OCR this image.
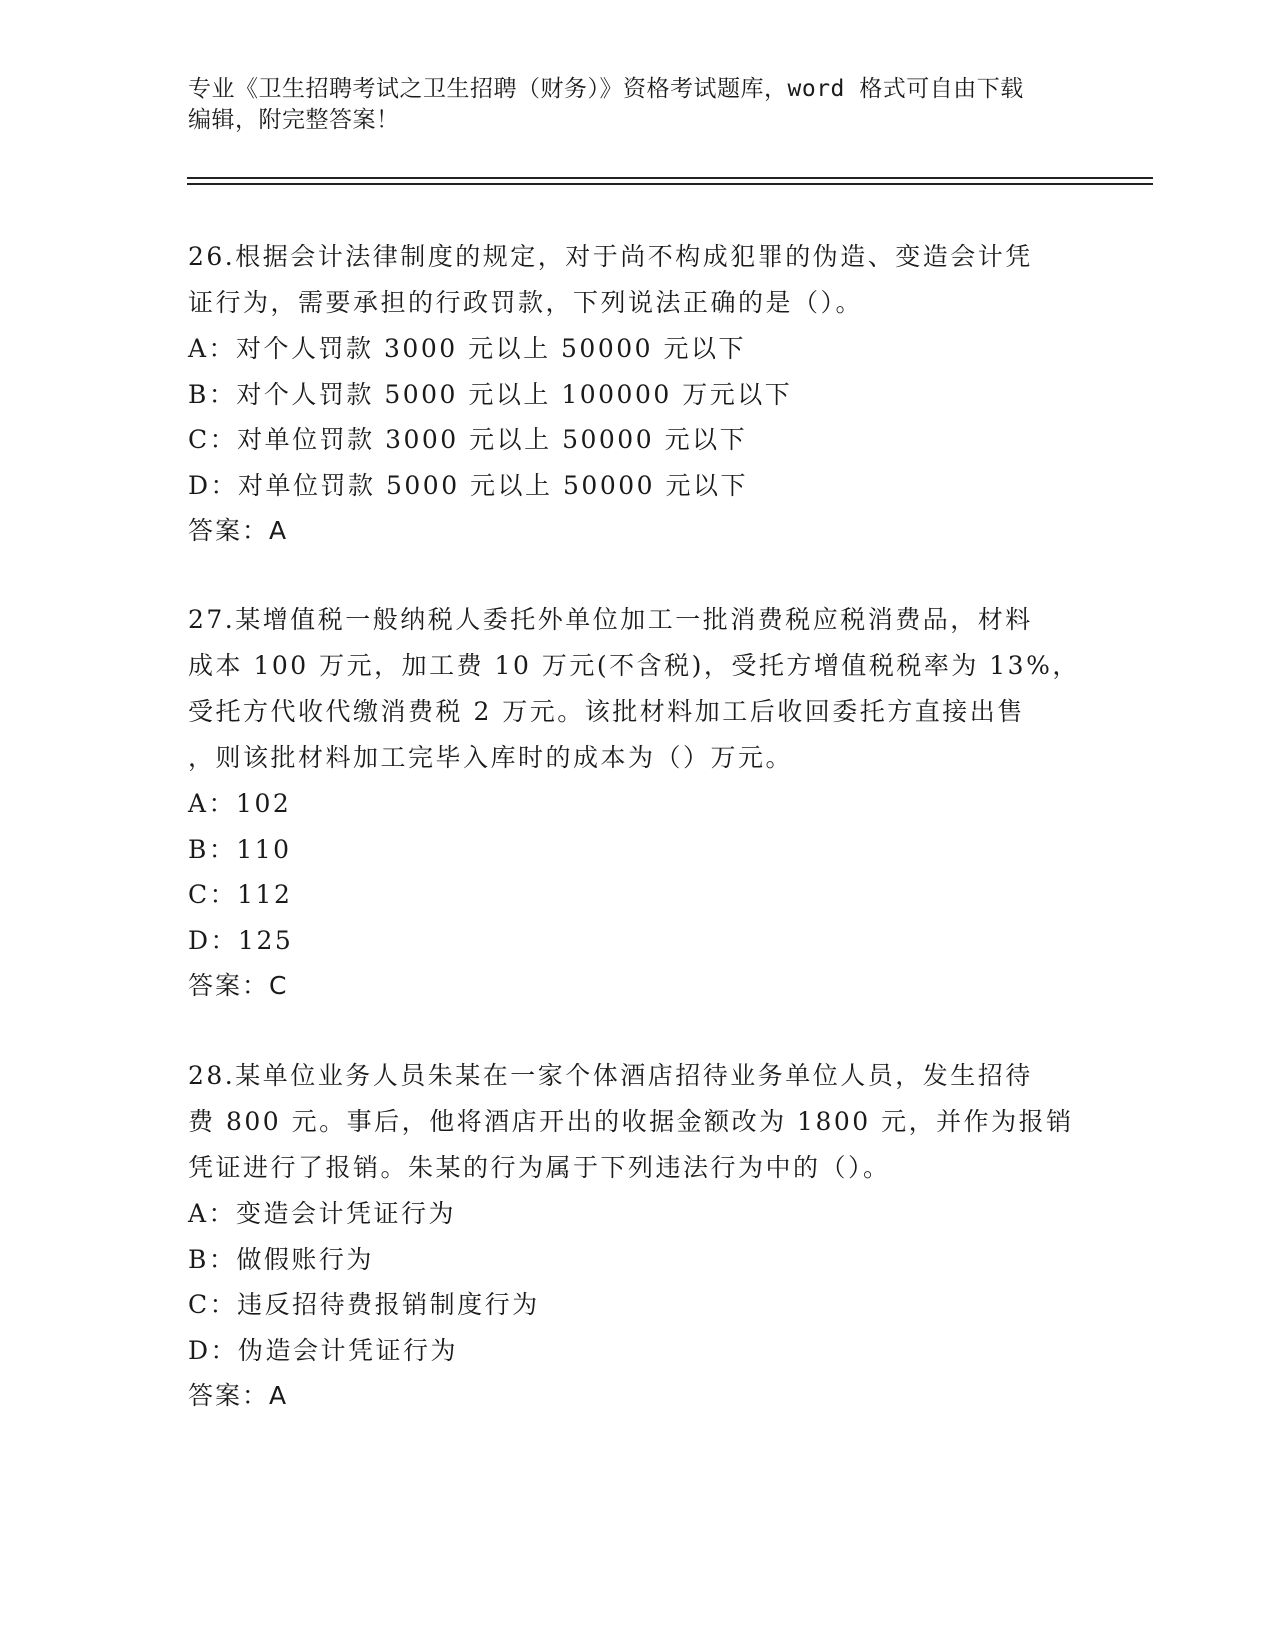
专业《卫生招聘考试之卫生招聘（财务）》资格考试题库，word 格式可自由下载
编辑，附完整答案！
26.根据会计法律制度的规定，对于尚不构成犯罪的伪造、变造会计凭
证行为，需要承担的行政罚款，下列说法正确的是（）。
A：对个人罚款 3000 元以上 50000 元以下
B：对个人罚款 5000 元以上 100000 万元以下
C：对单位罚款 3000 元以上 50000 元以下
D：对单位罚款 5000 元以上 50000 元以下
答案：A
27.某增值税一般纳税人委托外单位加工一批消费税应税消费品，材料
成本 100 万元，加工费 10 万元(不含税)，受托方增值税税率为 13%，
受托方代收代缴消费税 2 万元。该批材料加工后收回委托方直接出售
，则该批材料加工完毕入库时的成本为（）万元。
A：102
B：110
C：112
D：125
答案：C
28.某单位业务人员朱某在一家个体酒店招待业务单位人员，发生招待
费 800 元。事后，他将酒店开出的收据金额改为 1800 元，并作为报销
凭证进行了报销。朱某的行为属于下列违法行为中的（）。
A：变造会计凭证行为
B：做假账行为
C：违反招待费报销制度行为
D：伪造会计凭证行为
答案：A
